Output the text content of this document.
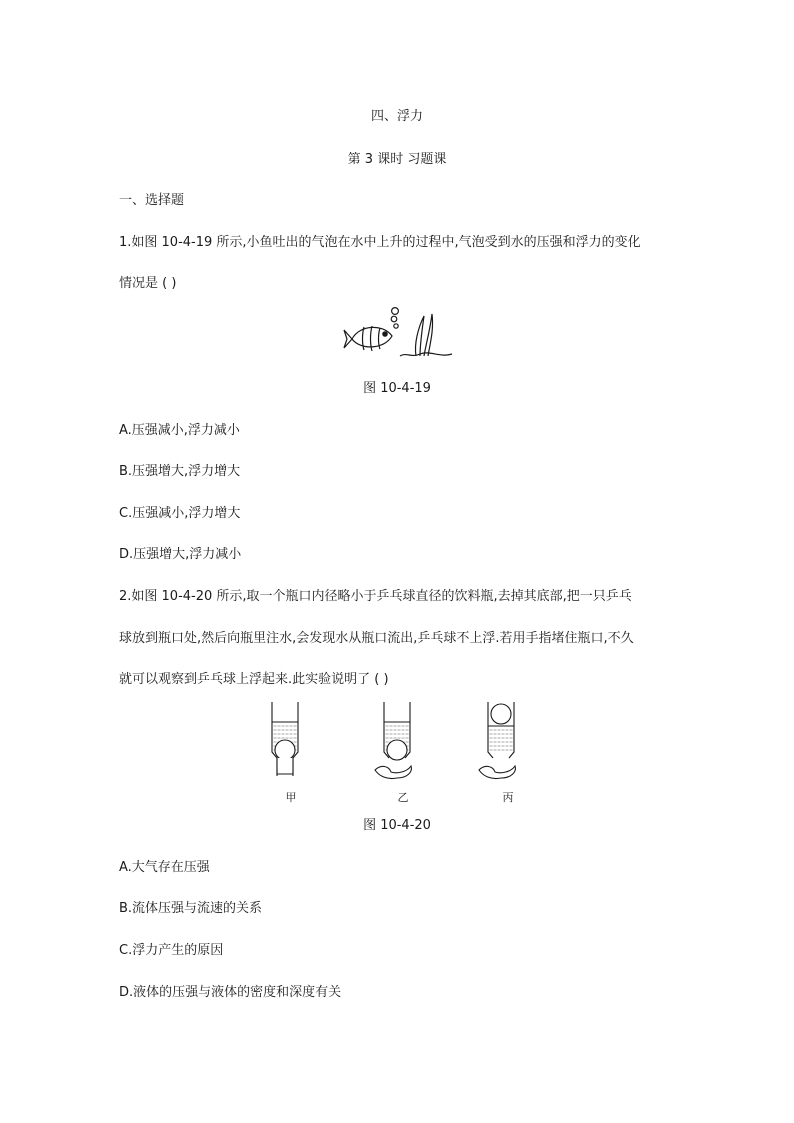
四、浮力
第 3 课时 习题课
一、选择题
1.如图 10-4-19 所示,小鱼吐出的气泡在水中上升的过程中,气泡受到水的压强和浮力的变化
情况是 ( )
图 10-4-19
A.压强减小,浮力减小
B.压强增大,浮力增大
C.压强减小,浮力增大
D.压强增大,浮力减小
2.如图 10-4-20 所示,取一个瓶口内径略小于乒乓球直径的饮料瓶,去掉其底部,把一只乒乓
球放到瓶口处,然后向瓶里注水,会发现水从瓶口流出,乒乓球不上浮.若用手指堵住瓶口,不久
就可以观察到乒乓球上浮起来.此实验说明了 ( )
甲	乙	丙
图 10-4-20
A.大气存在压强
B.流体压强与流速的关系
C.浮力产生的原因
D.液体的压强与液体的密度和深度有关
